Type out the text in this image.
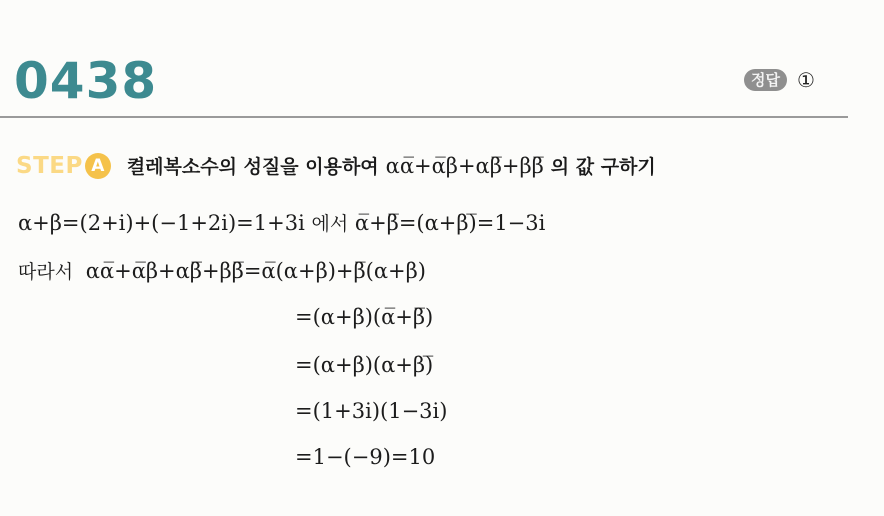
0438	정답 ①
STEP A	켤레복소수의 성질을 이용하여 αα̅+α̅β+αβ̅+ββ̅ 의 값 구하기
α+β=(2+i)+(−1+2i)=1+3i 에서 α̅+β̅=(α+β)̅=1−3i
따라서 αα̅+α̅β+αβ̅+ββ̅=α̅(α+β)+β̅(α+β)
=(α+β)(α̅+β̅)
=(α+β)(α+β)̅
=(1+3i)(1−3i)
=1−(−9)=10
